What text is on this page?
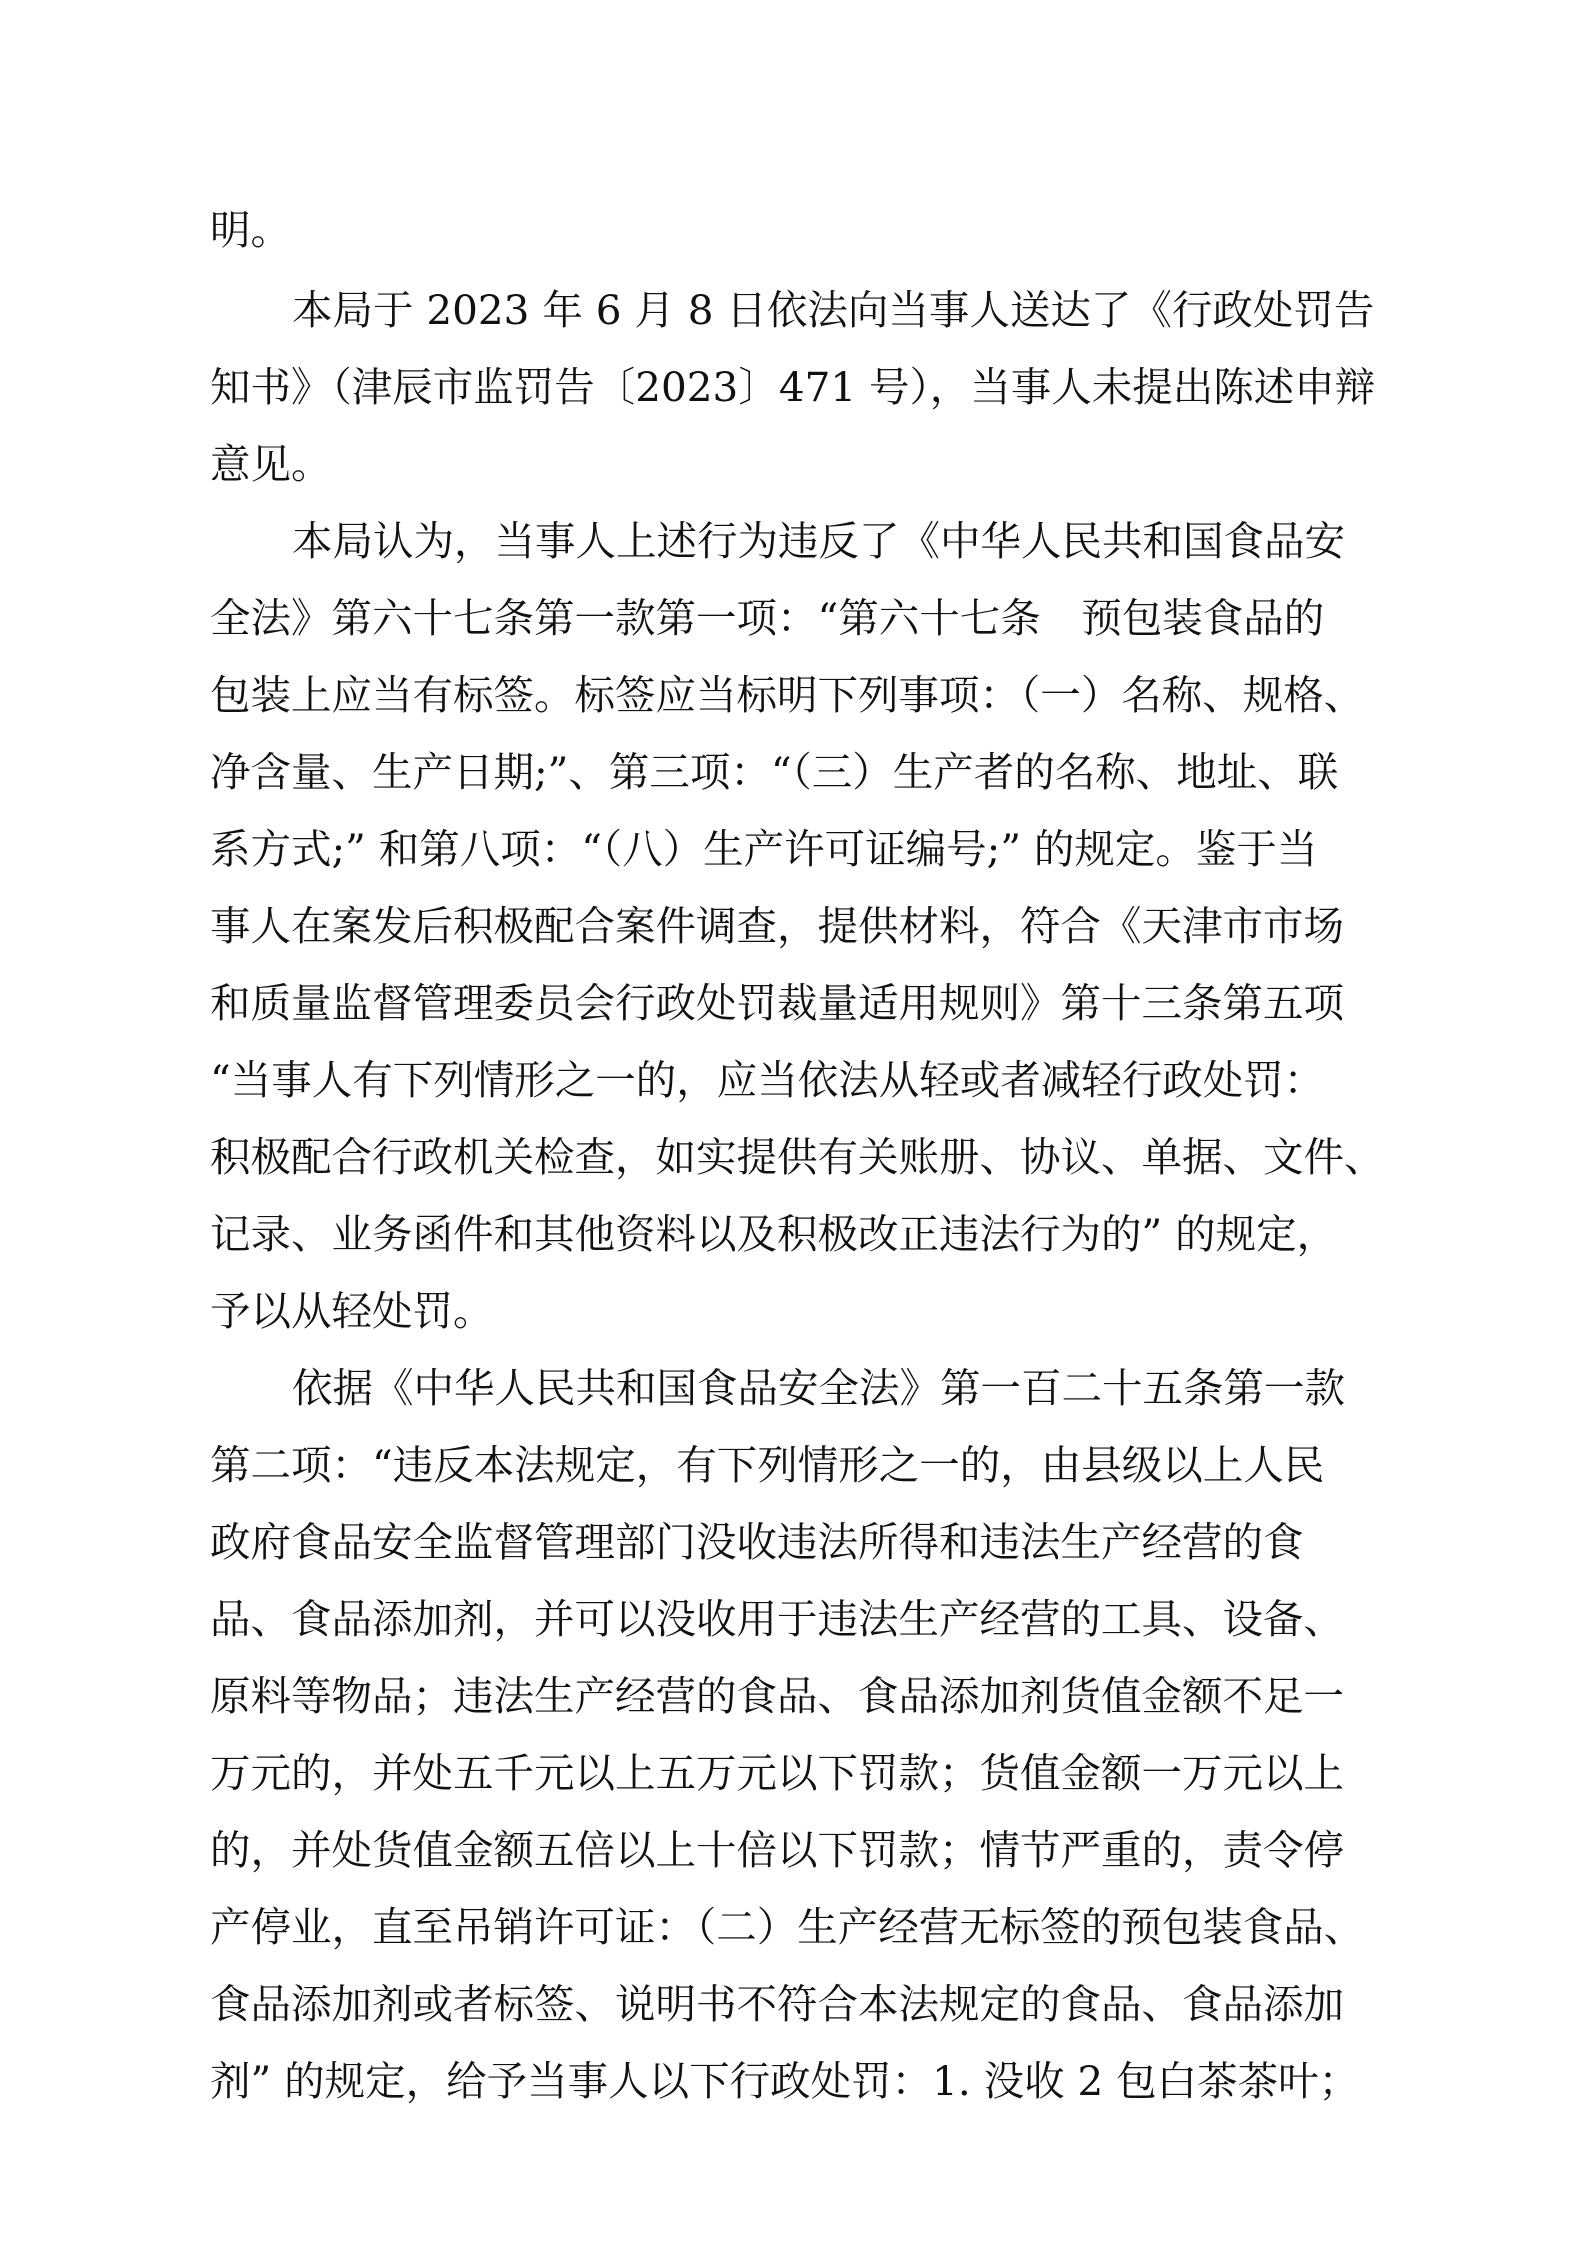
明。
本局于 2023 年 6 月 8 日依法向当事人送达了《行政处罚告
知书》（津辰市监罚告〔2023〕471 号），当事人未提出陈述申辩
意见。
本局认为，当事人上述行为违反了《中华人民共和国食品安
全法》第六十七条第一款第一项：“第六十七条　预包装食品的
包装上应当有标签。标签应当标明下列事项：（一）名称、规格、
净含量、生产日期;”、第三项：“（三）生产者的名称、地址、联
系方式;” 和第八项：“（八）生产许可证编号;” 的规定。鉴于当
事人在案发后积极配合案件调查，提供材料，符合《天津市市场
和质量监督管理委员会行政处罚裁量适用规则》第十三条第五项
“当事人有下列情形之一的，应当依法从轻或者减轻行政处罚：
积极配合行政机关检查，如实提供有关账册、协议、单据、文件、
记录、业务函件和其他资料以及积极改正违法行为的” 的规定，
予以从轻处罚。
依据《中华人民共和国食品安全法》第一百二十五条第一款
第二项：“违反本法规定，有下列情形之一的，由县级以上人民
政府食品安全监督管理部门没收违法所得和违法生产经营的食
品、食品添加剂，并可以没收用于违法生产经营的工具、设备、
原料等物品；违法生产经营的食品、食品添加剂货值金额不足一
万元的，并处五千元以上五万元以下罚款；货值金额一万元以上
的，并处货值金额五倍以上十倍以下罚款；情节严重的，责令停
产停业，直至吊销许可证：（二）生产经营无标签的预包装食品、
食品添加剂或者标签、说明书不符合本法规定的食品、食品添加
剂” 的规定，给予当事人以下行政处罚：1. 没收 2 包白茶茶叶；
